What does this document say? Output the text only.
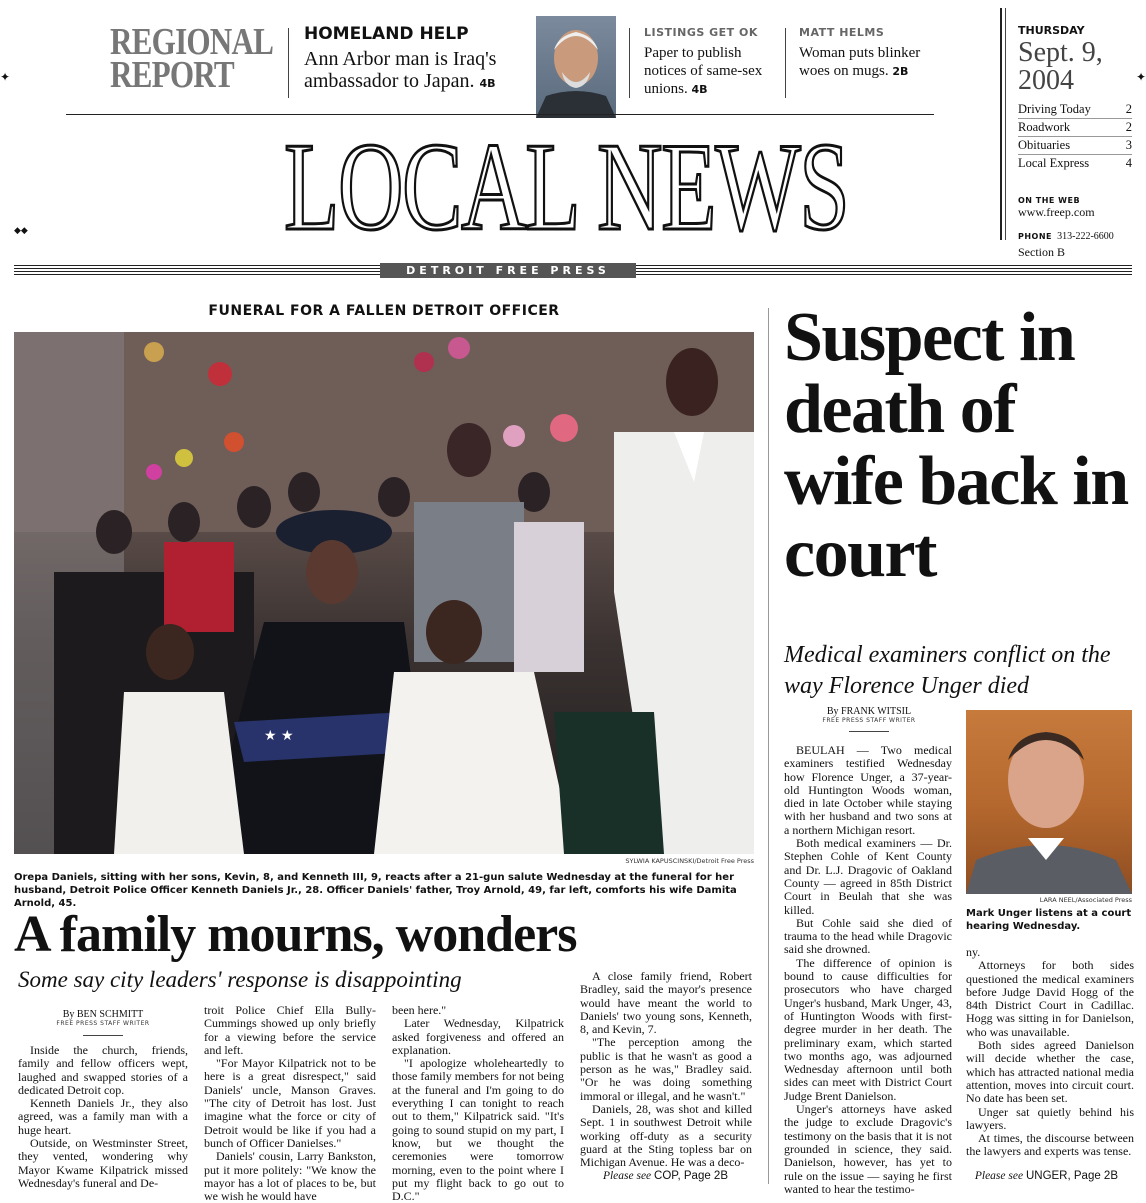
✦	✦
◆◆
REGIONAL
REPORT
HOMELAND HELP
Ann Arbor man is Iraq's ambassador to Japan. 4B
LISTINGS GET OK
Paper to publish notices of same-sex unions. 4B
MATT HELMS
Woman puts blinker woes on mugs. 2B
LOCAL NEWS
THURSDAY
Sept. 9,
2004
Driving Today	2
Roadwork	2
Obituaries	3
Local Express	4
ON THE WEB
www.freep.com
PHONE 313-222-6600
Section B
DETROIT FREE PRESS
FUNERAL FOR A FALLEN DETROIT OFFICER
★ ★
SYLWIA KAPUSCINSKI/Detroit Free Press
Orepa Daniels, sitting with her sons, Kevin, 8, and Kenneth III, 9, reacts after a 21-gun salute Wednesday at the funeral for her husband, Detroit Police Officer Kenneth Daniels Jr., 28. Officer Daniels' father, Troy Arnold, 49, far left, comforts his wife Damita Arnold, 45.
A family mourns, wonders
Some say city leaders' response is disappointing
By BEN SCHMITT
FREE PRESS STAFF WRITER

Inside the church, friends, family and fellow officers wept, laughed and swapped stories of a dedicated Detroit cop.

Kenneth Daniels Jr., they also agreed, was a family man with a huge heart.

Outside, on Westminster Street, they vented, wondering why Mayor Kwame Kilpatrick missed Wednesday's funeral and De-

troit Police Chief Ella Bully-Cummings showed up only briefly for a viewing before the service and left.

"For Mayor Kilpatrick not to be here is a great disrespect," said Daniels' uncle, Manson Graves. "The city of Detroit has lost. Just imagine what the force or city of Detroit would be like if you had a bunch of Officer Danielses."

Daniels' cousin, Larry Bankston, put it more politely: "We know the mayor has a lot of places to be, but we wish he would have

been here."

Later Wednesday, Kilpatrick asked forgiveness and offered an explanation.

"I apologize wholeheartedly to those family members for not being at the funeral and I'm going to do everything I can tonight to reach out to them," Kilpatrick said. "It's going to sound stupid on my part, I know, but we thought the ceremonies were tomorrow morning, even to the point where I put my flight back to go out to D.C."

A close family friend, Robert Bradley, said the mayor's presence would have meant the world to Daniels' two young sons, Kenneth, 8, and Kevin, 7.

"The perception among the public is that he wasn't as good a person as he was," Bradley said. "Or he was doing something immoral or illegal, and he wasn't."

Daniels, 28, was shot and killed Sept. 1 in southwest Detroit while working off-duty as a security guard at the Sting topless bar on Michigan Avenue. He was a deco-

Please see COP, Page 2B
Suspect in death of wife back in court
Medical examiners conflict on the way Florence Unger died
By FRANK WITSIL
FREE PRESS STAFF WRITER
LARA NEEL/Associated Press
Mark Unger listens at a court hearing Wednesday.

BEULAH — Two medical examiners testified Wednesday how Florence Unger, a 37-year-old Huntington Woods woman, died in late October while staying with her husband and two sons at a northern Michigan resort.

Both medical examiners — Dr. Stephen Cohle of Kent County and Dr. L.J. Dragovic of Oakland County — agreed in 85th District Court in Beulah that she was killed.

But Cohle said she died of trauma to the head while Dragovic said she drowned.

The difference of opinion is bound to cause difficulties for prosecutors who have charged Unger's husband, Mark Unger, 43, of Huntington Woods with first-degree murder in her death. The preliminary exam, which started two months ago, was adjourned Wednesday afternoon until both sides can meet with District Court Judge Brent Danielson.

Unger's attorneys have asked the judge to exclude Dragovic's testimony on the basis that it is not grounded in science, they said. Danielson, however, has yet to rule on the issue — saying he first wanted to hear the testimo-

ny.

Attorneys for both sides questioned the medical examiners before Judge David Hogg of the 84th District Court in Cadillac. Hogg was sitting in for Danielson, who was unavailable.

Both sides agreed Danielson will decide whether the case, which has attracted national media attention, moves into circuit court. No date has been set.

Unger sat quietly behind his lawyers.

At times, the discourse between the lawyers and experts was tense.

Please see UNGER, Page 2B
